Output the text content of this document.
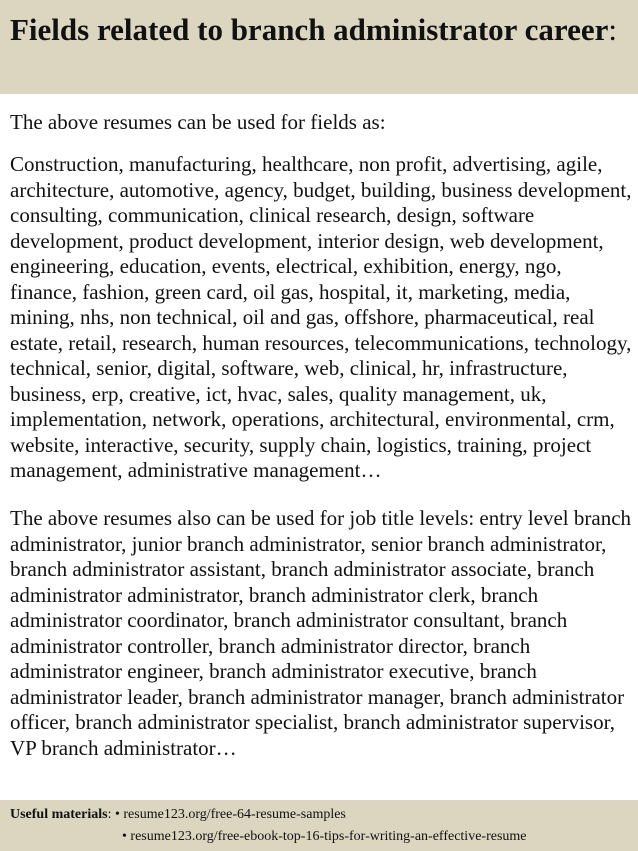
Fields related to branch administrator career:

The above resumes can be used for fields as:

Construction, manufacturing, healthcare, non profit, advertising, agile, architecture, automotive, agency, budget, building, business development, consulting, communication, clinical research, design, software development, product development, interior design, web development, engineering, education, events, electrical, exhibition, energy, ngo, finance, fashion, green card, oil gas, hospital, it, marketing, media, mining, nhs, non technical, oil and gas, offshore, pharmaceutical, real estate, retail, research, human resources, telecommunications, technology, technical, senior, digital, software, web, clinical, hr, infrastructure, business, erp, creative, ict, hvac, sales, quality management, uk, implementation, network, operations, architectural, environmental, crm, website, interactive, security, supply chain, logistics, training, project management, administrative management…

The above resumes also can be used for job title levels: entry level branch administrator, junior branch administrator, senior branch administrator, branch administrator assistant, branch administrator associate, branch administrator administrator, branch administrator clerk, branch administrator coordinator, branch administrator consultant, branch administrator controller, branch administrator director, branch administrator engineer, branch administrator executive, branch administrator leader, branch administrator manager, branch administrator officer, branch administrator specialist, branch administrator supervisor, VP branch administrator…

Useful materials: • resume123.org/free-64-resume-samples
• resume123.org/free-ebook-top-16-tips-for-writing-an-effective-resume
